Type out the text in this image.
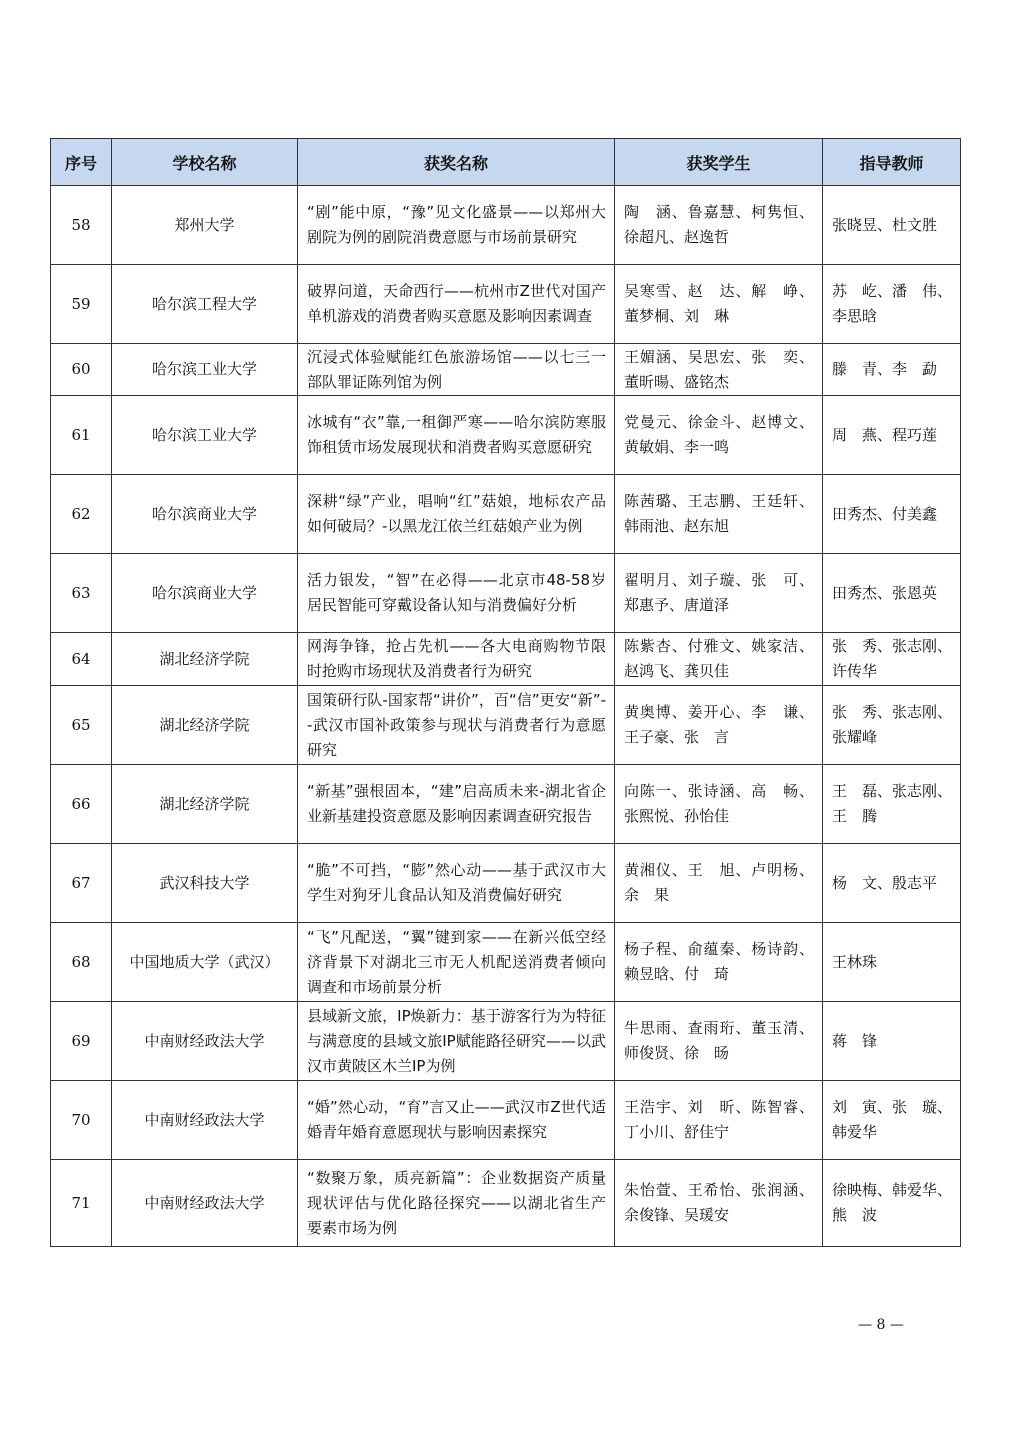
序号	学校名称	获奖名称	获奖学生	指导教师
58	郑州大学	“剧”能中原，“豫”见文化盛景——以郑州大剧院为例的剧院消费意愿与市场前景研究	陶　涵、鲁嘉慧、柯隽恒、徐超凡、赵逸哲	张晓昱、杜文胜
59	哈尔滨工程大学	破界问道，天命西行——杭州市Z世代对国产单机游戏的消费者购买意愿及影响因素调查	吴寒雪、赵　达、解　峥、董梦桐、刘　琳	苏　屹、潘　伟、李思晗
60	哈尔滨工业大学	沉浸式体验赋能红色旅游场馆——以七三一部队罪证陈列馆为例	王媚涵、吴思宏、张　奕、董昕暘、盛铭杰	滕　青、李　勐
61	哈尔滨工业大学	冰城有“衣”靠,一租御严寒——哈尔滨防寒服饰租赁市场发展现状和消费者购买意愿研究	党曼元、徐金斗、赵博文、黄敏娟、李一鸣	周　燕、程巧莲
62	哈尔滨商业大学	深耕“绿”产业，唱响“红”菇娘，地标农产品如何破局？-以黑龙江依兰红菇娘产业为例	陈茜璐、王志鹏、王廷轩、韩雨池、赵东旭	田秀杰、付美鑫
63	哈尔滨商业大学	活力银发，“智”在必得——北京市48-58岁居民智能可穿戴设备认知与消费偏好分析	翟明月、刘子璇、张　可、郑惠予、唐道泽	田秀杰、张恩英
64	湖北经济学院	网海争锋，抢占先机——各大电商购物节限时抢购市场现状及消费者行为研究	陈紫杏、付雅文、姚家洁、赵鸿飞、龚贝佳	张　秀、张志刚、许传华
65	湖北经济学院	国策研行队-国家帮“讲价”，百“信”更安“新”--武汉市国补政策参与现状与消费者行为意愿研究	黄奥博、姜开心、李　谦、王子豪、张　言	张　秀、张志刚、张耀峰
66	湖北经济学院	“新基”强根固本，“建”启高质未来-湖北省企业新基建投资意愿及影响因素调查研究报告	向陈一、张诗涵、高　畅、张熙悦、孙怡佳	王　磊、张志刚、王　腾
67	武汉科技大学	“脆”不可挡，“膨”然心动——基于武汉市大学生对狗牙儿食品认知及消费偏好研究	黄湘仪、王　旭、卢明杨、余　果	杨　文、殷志平
68	中国地质大学（武汉）	“飞”凡配送，“翼”键到家——在新兴低空经济背景下对湖北三市无人机配送消费者倾向调查和市场前景分析	杨子程、俞蕴秦、杨诗韵、赖昱晗、付　琦	王林珠
69	中南财经政法大学	县域新文旅，IP焕新力：基于游客行为为特征与满意度的县域文旅IP赋能路径研究——以武汉市黄陂区木兰IP为例	牛思雨、查雨珩、董玉清、师俊贤、徐　旸	蒋　锋
70	中南财经政法大学	“婚”然心动，“育”言又止——武汉市Z世代适婚青年婚育意愿现状与影响因素探究	王浩宇、刘　昕、陈智睿、丁小川、舒佳宁	刘　寅、张　璇、韩爱华
71	中南财经政法大学	“数聚万象，质亮新篇”：企业数据资产质量现状评估与优化路径探究——以湖北省生产要素市场为例	朱怡萱、王希怡、张润涵、余俊锋、吴瑗安	徐映梅、韩爱华、熊　波
— 8 —
